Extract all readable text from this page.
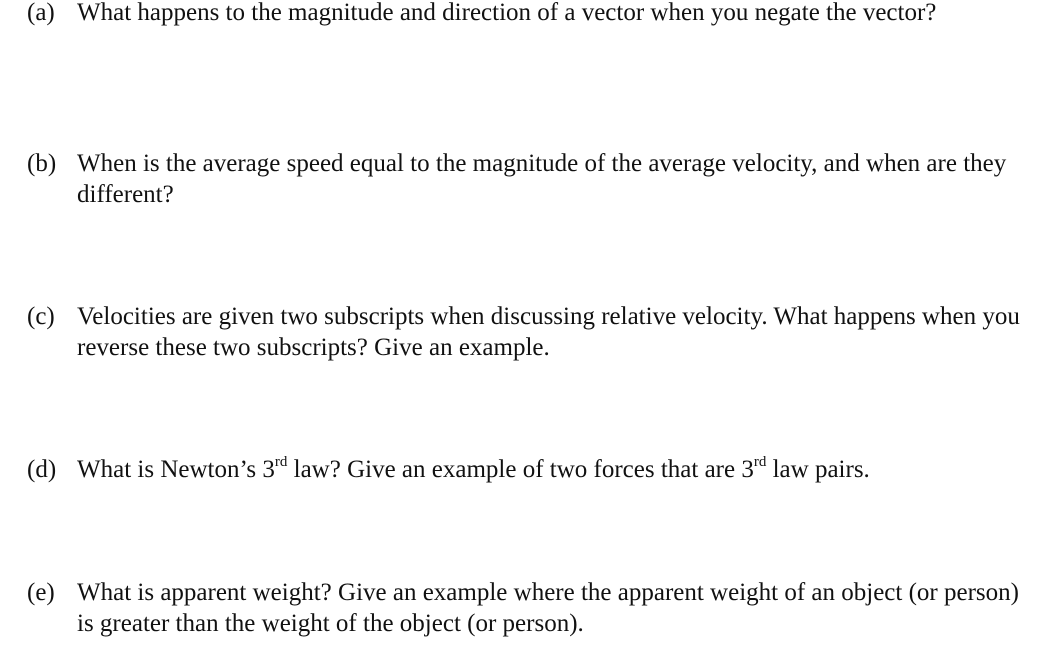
(a) What happens to the magnitude and direction of a vector when you negate the vector?
(b) When is the average speed equal to the magnitude of the average velocity, and when are they different?
(c) Velocities are given two subscripts when discussing relative velocity. What happens when you reverse these two subscripts? Give an example.
(d) What is Newton’s 3rd law? Give an example of two forces that are 3rd law pairs.
(e) What is apparent weight? Give an example where the apparent weight of an object (or person) is greater than the weight of the object (or person).
